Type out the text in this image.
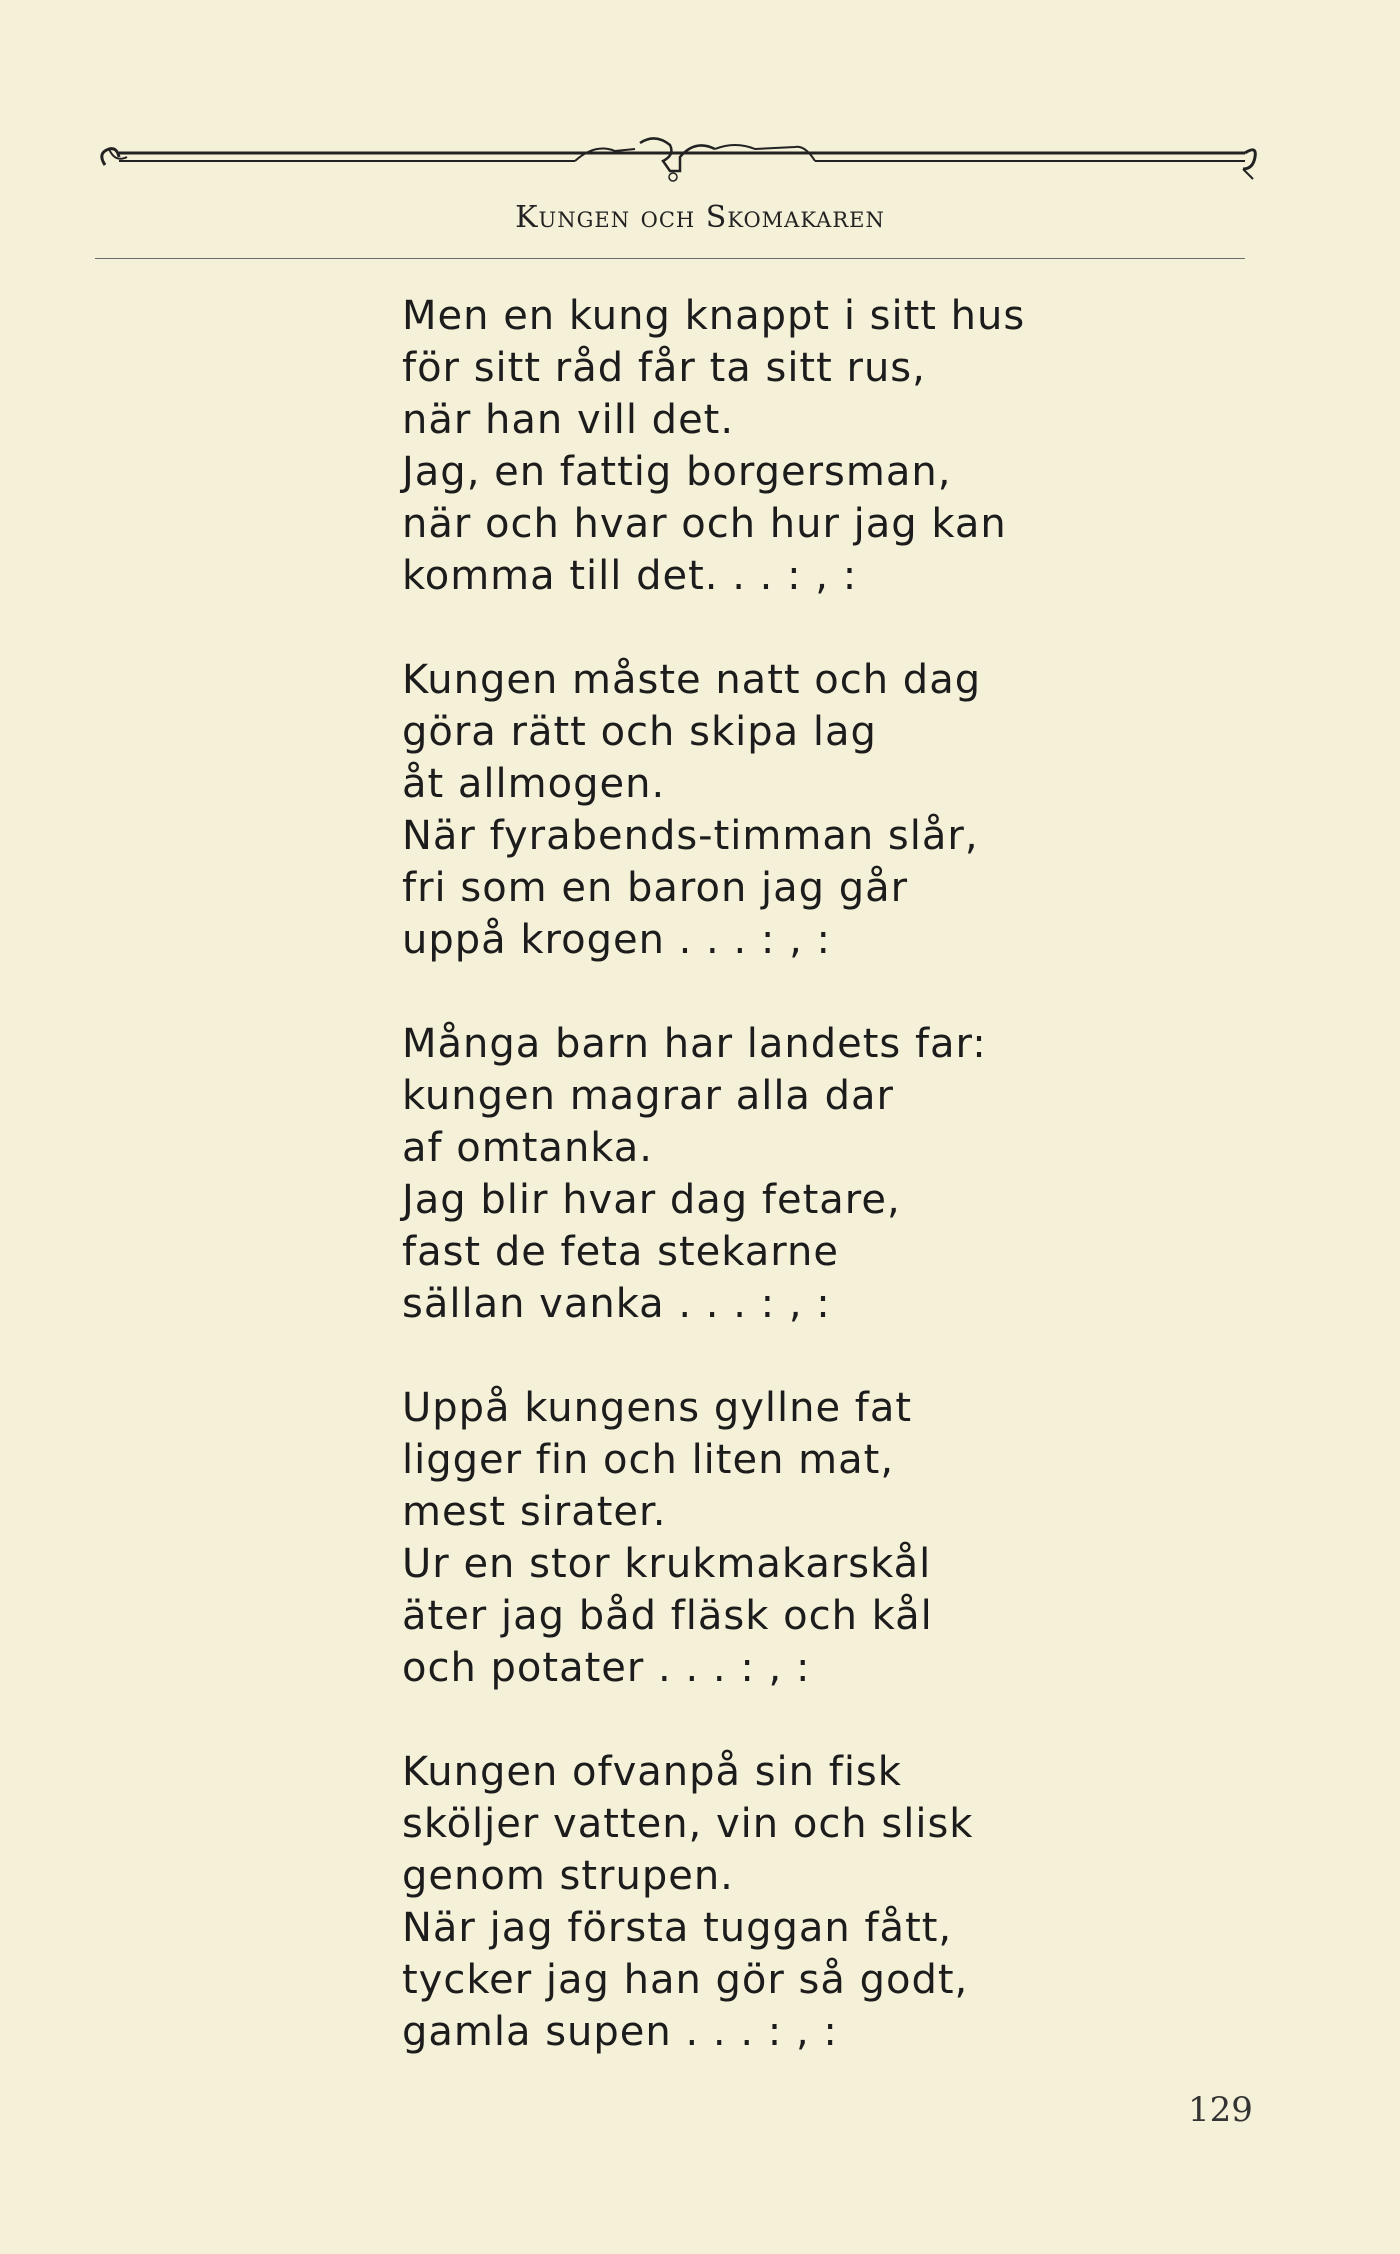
Kungen och Skomakaren
Men en kung knappt i sitt hus
för sitt råd får ta sitt rus,
när han vill det.
Jag, en fattig borgersman,
när och hvar och hur jag kan
komma till det. . . : , :
Kungen måste natt och dag
göra rätt och skipa lag
åt allmogen.
När fyrabends-timman slår,
fri som en baron jag går
uppå krogen . . . : , :
Många barn har landets far:
kungen magrar alla dar
af omtanka.
Jag blir hvar dag fetare,
fast de feta stekarne
sällan vanka . . . : , :
Uppå kungens gyllne fat
ligger fin och liten mat,
mest sirater.
Ur en stor krukmakarskål
äter jag båd fläsk och kål
och potater . . . : , :
Kungen ofvanpå sin fisk
sköljer vatten, vin och slisk
genom strupen.
När jag första tuggan fått,
tycker jag han gör så godt,
gamla supen . . . : , :
129
